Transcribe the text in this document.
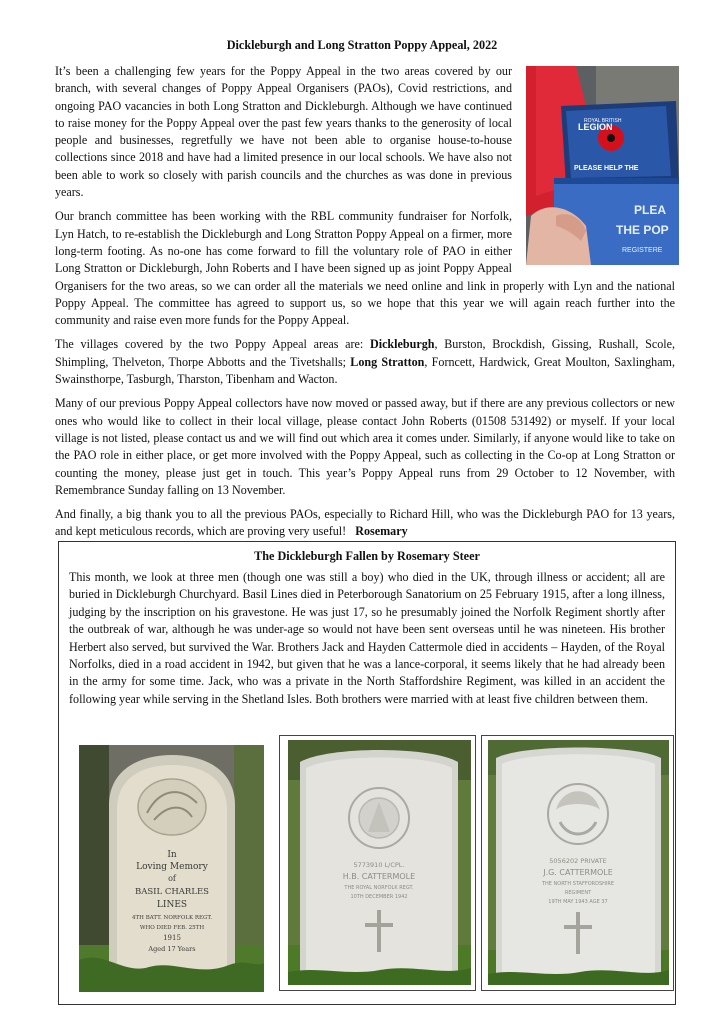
Dickleburgh and Long Stratton Poppy Appeal, 2022
ROYAL BRITISH
LEGION
PLEASE HELP THE
PLEA
THE POP
REGISTERE

It’s been a challenging few years for the Poppy Appeal in the two areas covered by our branch, with several changes of Poppy Appeal Organisers (PAOs), Covid restrictions, and ongoing PAO vacancies in both Long Stratton and Dickleburgh. Although we have continued to raise money for the Poppy Appeal over the past few years thanks to the generosity of local people and businesses, regretfully we have not been able to organise house-to-house collections since 2018 and have had a limited presence in our local schools. We have also not been able to work so closely with parish councils and the churches as was done in previous years.

Our branch committee has been working with the RBL community fundraiser for Norfolk, Lyn Hatch, to re-establish the Dickleburgh and Long Stratton Poppy Appeal on a firmer, more long-term footing. As no-one has come forward to fill the voluntary role of PAO in either Long Stratton or Dickleburgh, John Roberts and I have been signed up as joint Poppy Appeal Organisers for the two areas, so we can order all the materials we need online and link in properly with Lyn and the national Poppy Appeal. The committee has agreed to support us, so we hope that this year we will again reach further into the community and raise even more funds for the Poppy Appeal.

The villages covered by the two Poppy Appeal areas are: Dickleburgh, Burston, Brockdish, Gissing, Rushall, Scole, Shimpling, Thelveton, Thorpe Abbotts and the Tivetshalls; Long Stratton, Forncett, Hardwick, Great Moulton, Saxlingham, Swainsthorpe, Tasburgh, Tharston, Tibenham and Wacton.

Many of our previous Poppy Appeal collectors have now moved or passed away, but if there are any previous collectors or new ones who would like to collect in their local village, please contact John Roberts (01508 531492) or myself. If your local village is not listed, please contact us and we will find out which area it comes under. Similarly, if anyone would like to take on the PAO role in either place, or get more involved with the Poppy Appeal, such as collecting in the Co-op at Long Stratton or counting the money, please just get in touch. This year’s Poppy Appeal runs from 29 October to 12 November, with Remembrance Sunday falling on 13 November.

And finally, a big thank you to all the previous PAOs, especially to Richard Hill, who was the Dickleburgh PAO for 13 years, and kept meticulous records, which are proving very useful! Rosemary

The Dickleburgh Fallen by Rosemary Steer
This month, we look at three men (though one was still a boy) who died in the UK, through illness or accident; all are buried in Dickleburgh Churchyard. Basil Lines died in Peterborough Sanatorium on 25 February 1915, after a long illness, judging by the inscription on his gravestone. He was just 17, so he presumably joined the Norfolk Regiment shortly after the outbreak of war, although he was under-age so would not have been sent overseas until he was nineteen. His brother Herbert also served, but survived the War. Brothers Jack and Hayden Cattermole died in accidents – Hayden, of the Royal Norfolks, died in a road accident in 1942, but given that he was a lance-corporal, it seems likely that he had already been in the army for some time. Jack, who was a private in the North Staffordshire Regiment, was killed in an accident the following year while serving in the Shetland Isles. Both brothers were married with at least five children between them.
In
Loving Memory
of
BASIL CHARLES
LINES
4TH BATT. NORFOLK REGT.
WHO DIED FEB. 25TH
1915
Aged 17 Years
5773910 L/CPL.
H.B. CATTERMOLE
THE ROYAL NORFOLK REGT.
10TH DECEMBER 1942
5056202 PRIVATE
J.G. CATTERMOLE
THE NORTH STAFFORDSHIRE
REGIMENT
19TH MAY 1943 AGE 37
